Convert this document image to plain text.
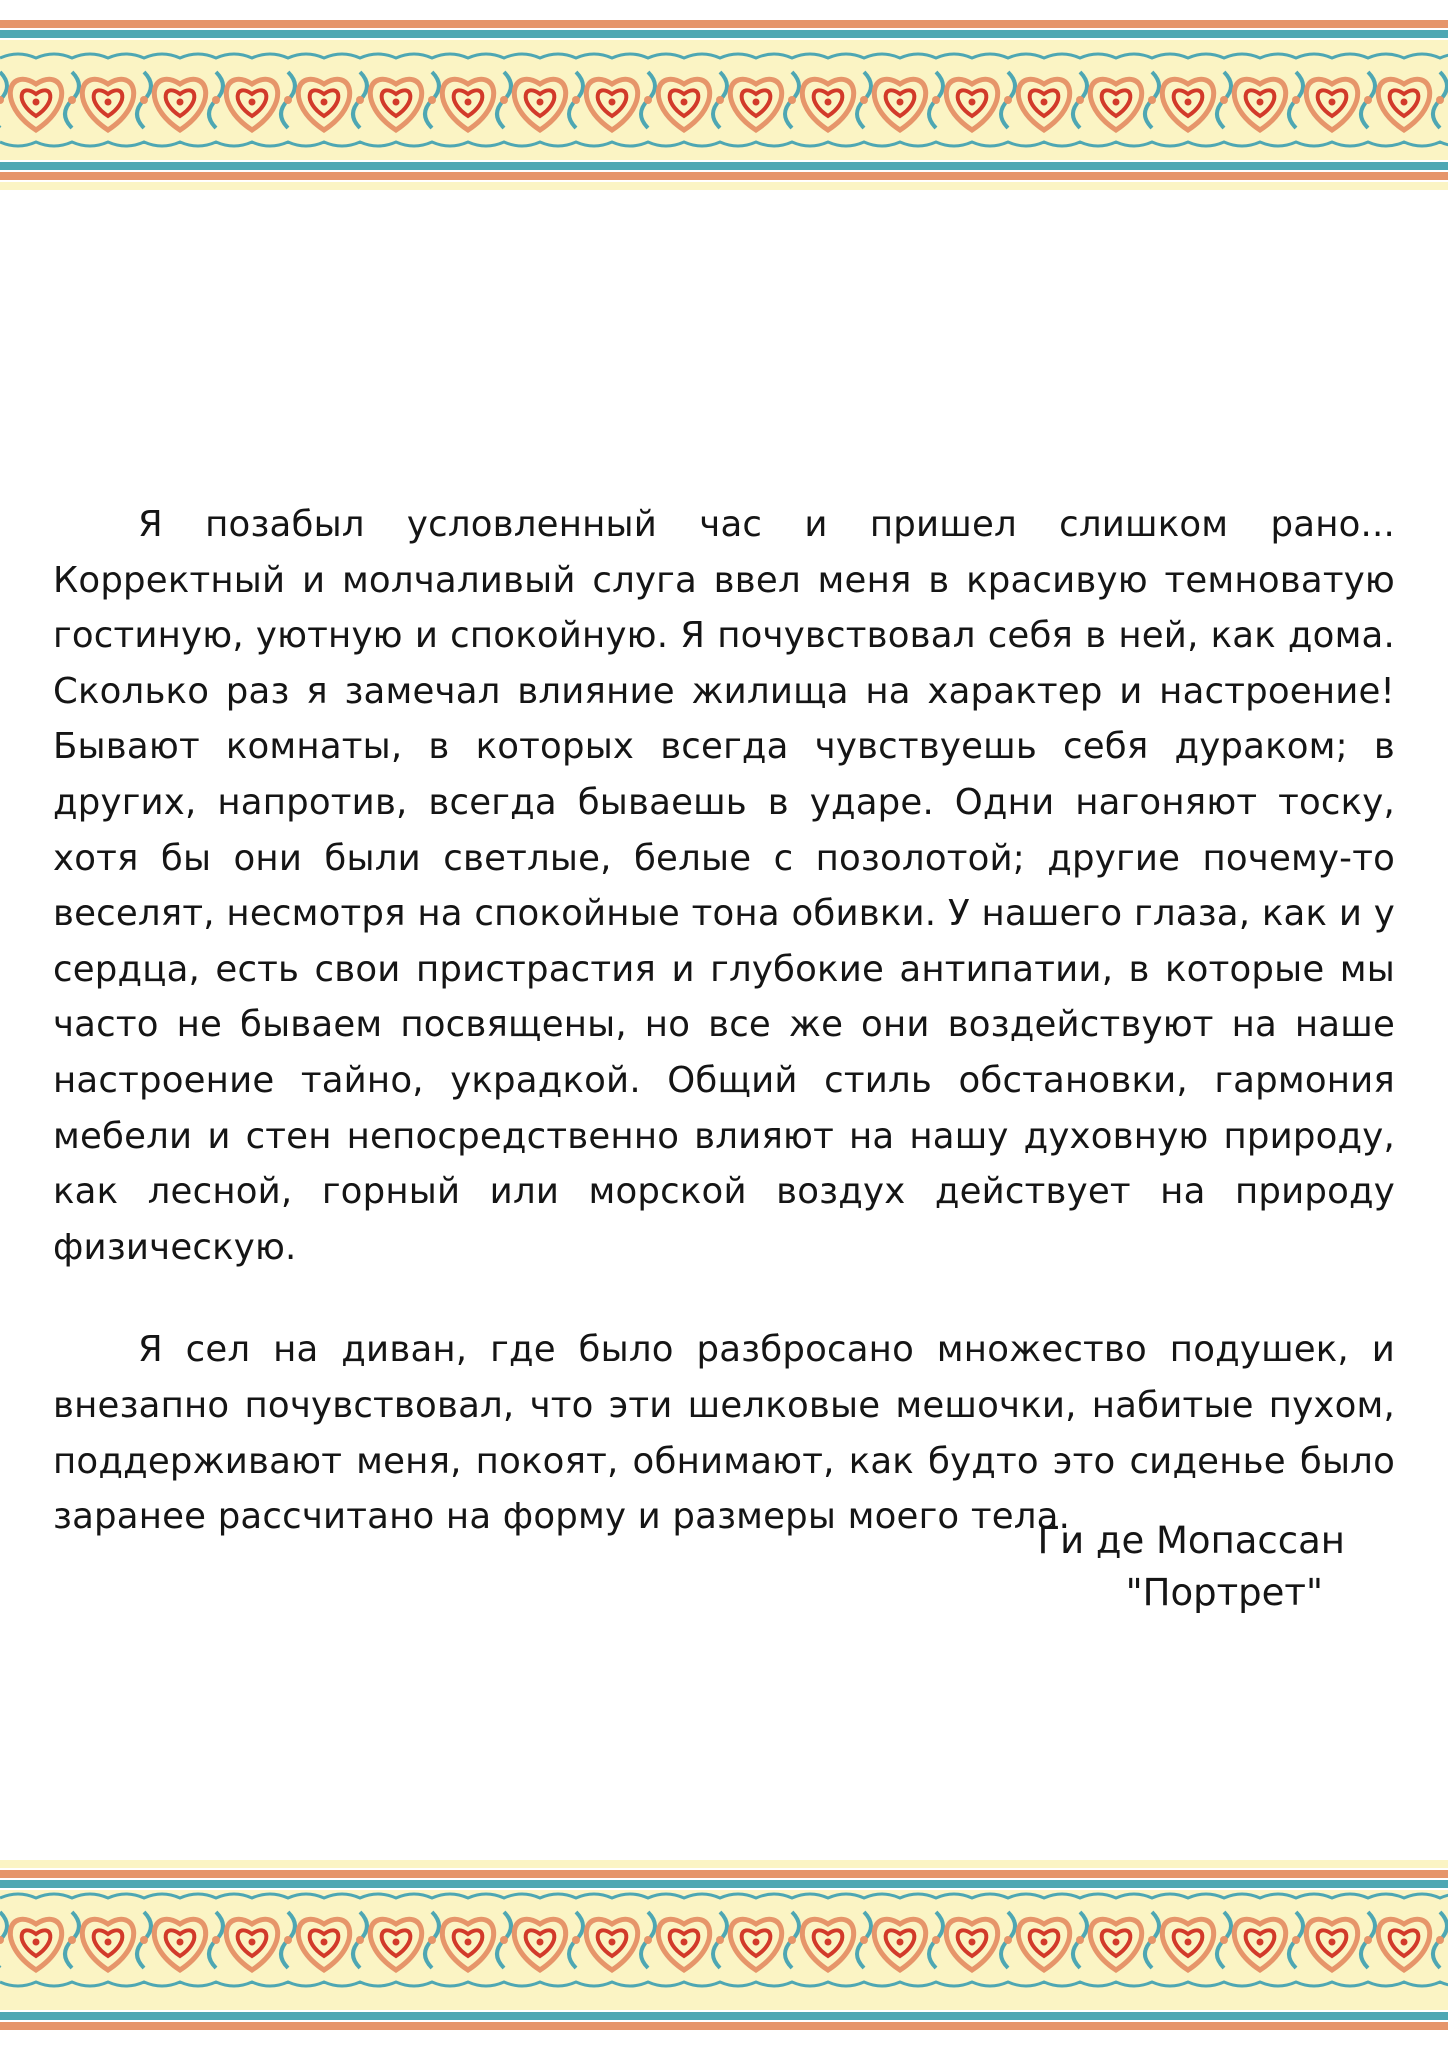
Я позабыл условленный час и пришел слишком рано... Корректный и молчаливый слуга ввел меня в красивую темноватую гостиную, уютную и спокойную. Я почувствовал себя в ней, как дома. Сколько раз я замечал влияние жилища на характер и настроение! Бывают комнаты, в которых всегда чувствуешь себя дураком; в других, напротив, всегда бываешь в ударе. Одни нагоняют тоску, хотя бы они были светлые, белые с позолотой; другие почему-то веселят, несмотря на спокойные тона обивки. У нашего глаза, как и у сердца, есть свои пристрастия и глубокие антипатии, в которые мы часто не бываем посвящены, но все же они воздействуют на наше настроение тайно, украдкой. Общий стиль обстановки, гармония мебели и стен непосредственно влияют на нашу духовную природу, как лесной, горный или морской воздух действует на природу физическую.

Я сел на диван, где было разбросано множество подушек, и внезапно почувствовал, что эти шелковые мешочки, набитые пухом, поддерживают меня, покоят, обнимают, как будто это сиденье было заранее рассчитано на форму и размеры моего тела.

Ги де Мопассан
"Портрет"
